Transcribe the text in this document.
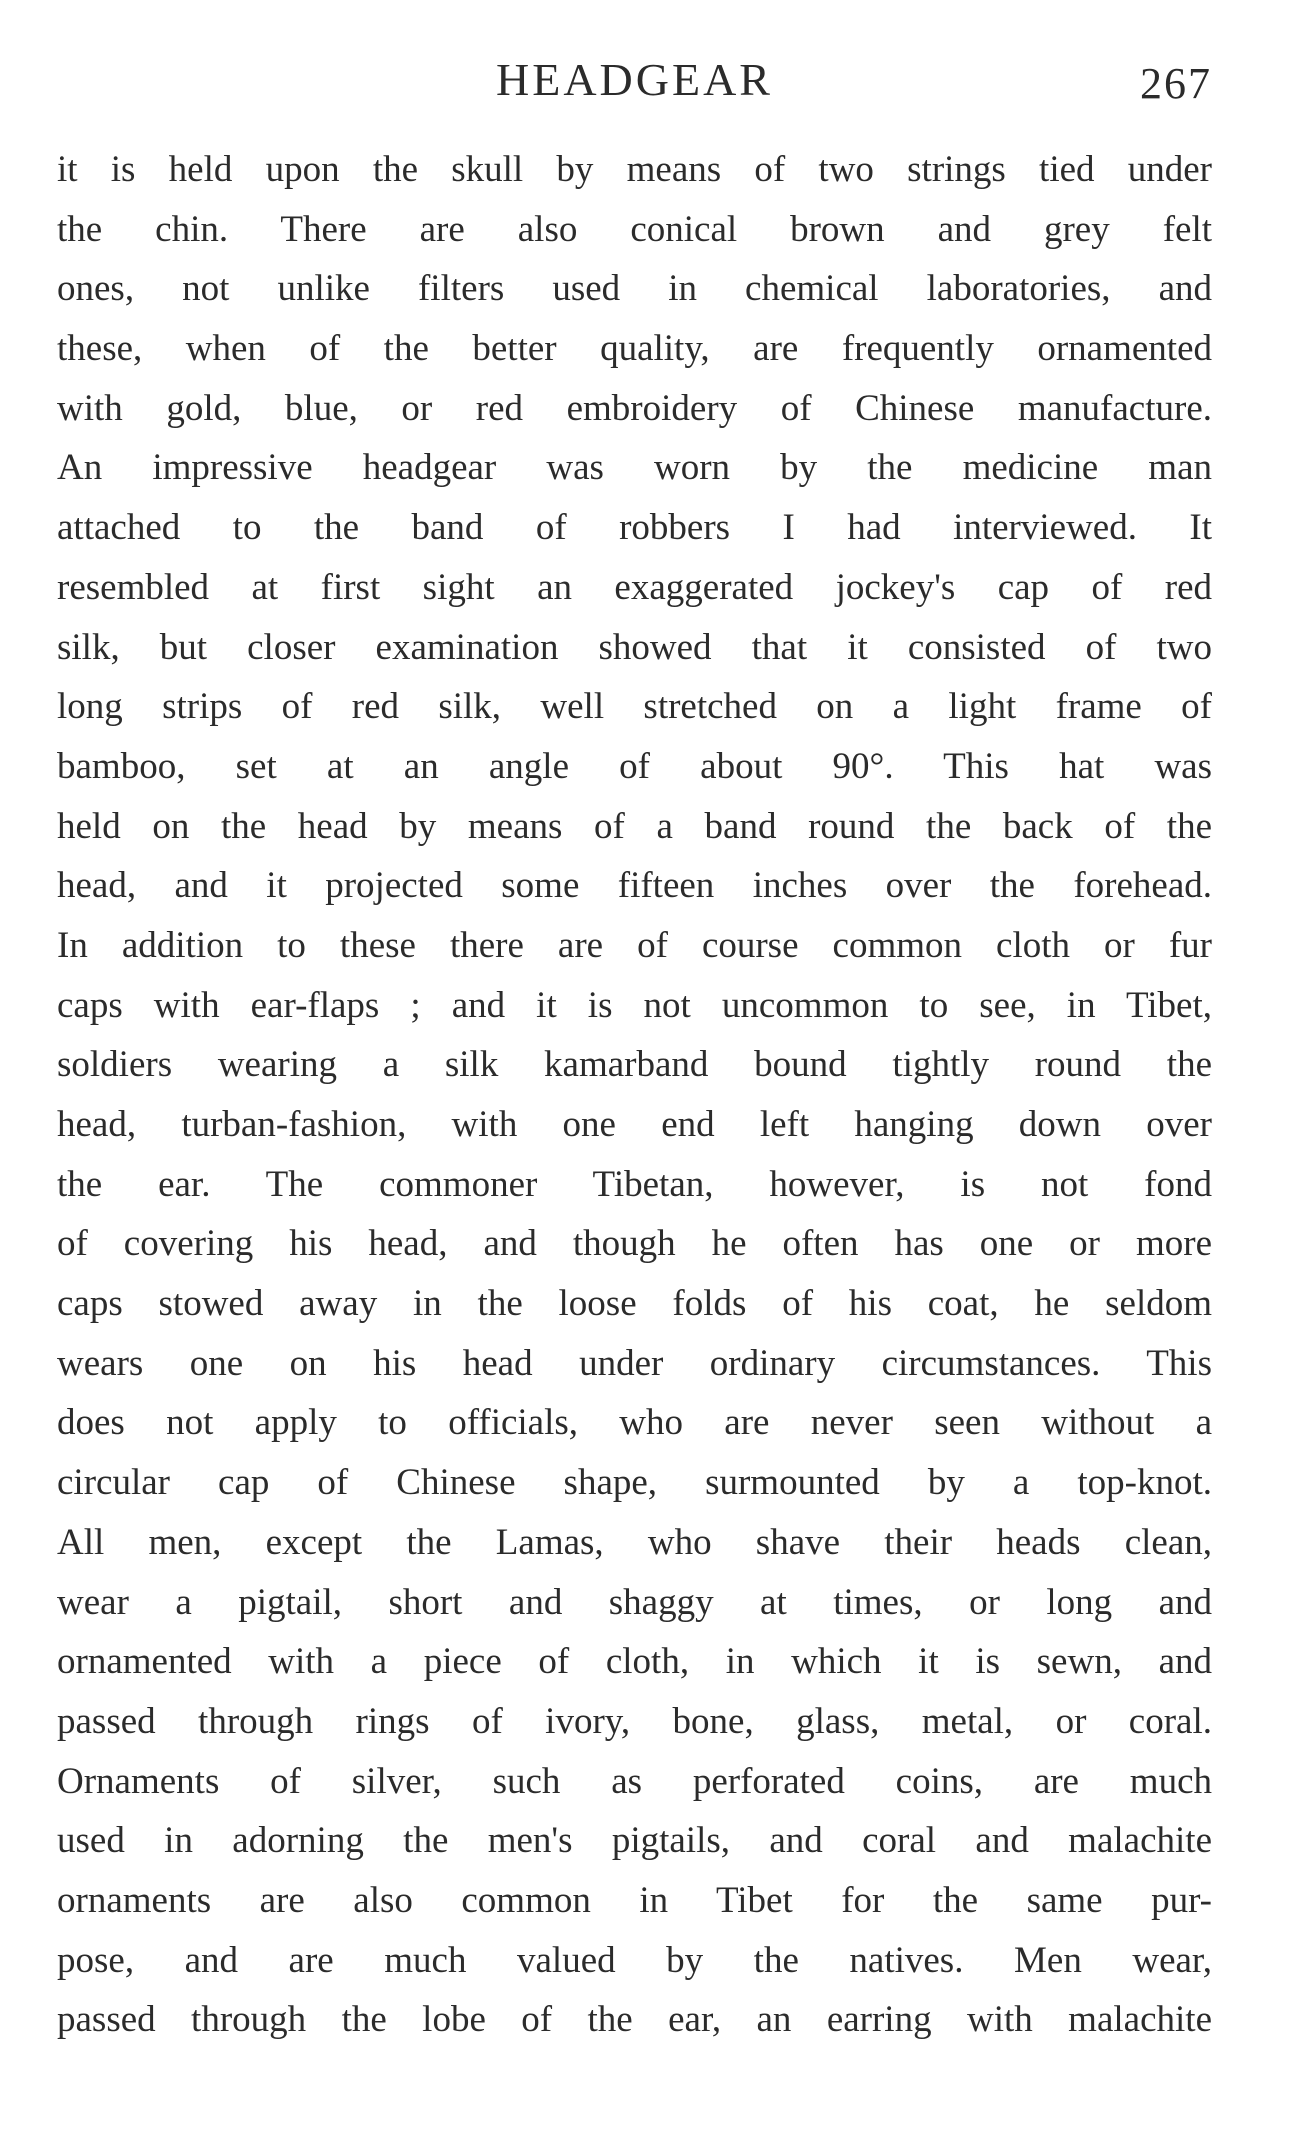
HEADGEAR	267
it is held upon the skull by means of two strings tied under
the chin. There are also conical brown and grey felt
ones, not unlike filters used in chemical laboratories, and
these, when of the better quality, are frequently ornamented
with gold, blue, or red embroidery of Chinese manufacture.
An impressive headgear was worn by the medicine man
attached to the band of robbers I had interviewed. It
resembled at first sight an exaggerated jockey's cap of red
silk, but closer examination showed that it consisted of two
long strips of red silk, well stretched on a light frame of
bamboo, set at an angle of about 90°. This hat was
held on the head by means of a band round the back of the
head, and it projected some fifteen inches over the forehead.
In addition to these there are of course common cloth or fur
caps with ear-flaps ; and it is not uncommon to see, in Tibet,
soldiers wearing a silk kamarband bound tightly round the
head, turban-fashion, with one end left hanging down over
the ear. The commoner Tibetan, however, is not fond
of covering his head, and though he often has one or more
caps stowed away in the loose folds of his coat, he seldom
wears one on his head under ordinary circumstances. This
does not apply to officials, who are never seen without a
circular cap of Chinese shape, surmounted by a top-knot.
All men, except the Lamas, who shave their heads clean,
wear a pigtail, short and shaggy at times, or long and
ornamented with a piece of cloth, in which it is sewn, and
passed through rings of ivory, bone, glass, metal, or coral.
Ornaments of silver, such as perforated coins, are much
used in adorning the men's pigtails, and coral and malachite
ornaments are also common in Tibet for the same pur-
pose, and are much valued by the natives. Men wear,
passed through the lobe of the ear, an earring with malachite
